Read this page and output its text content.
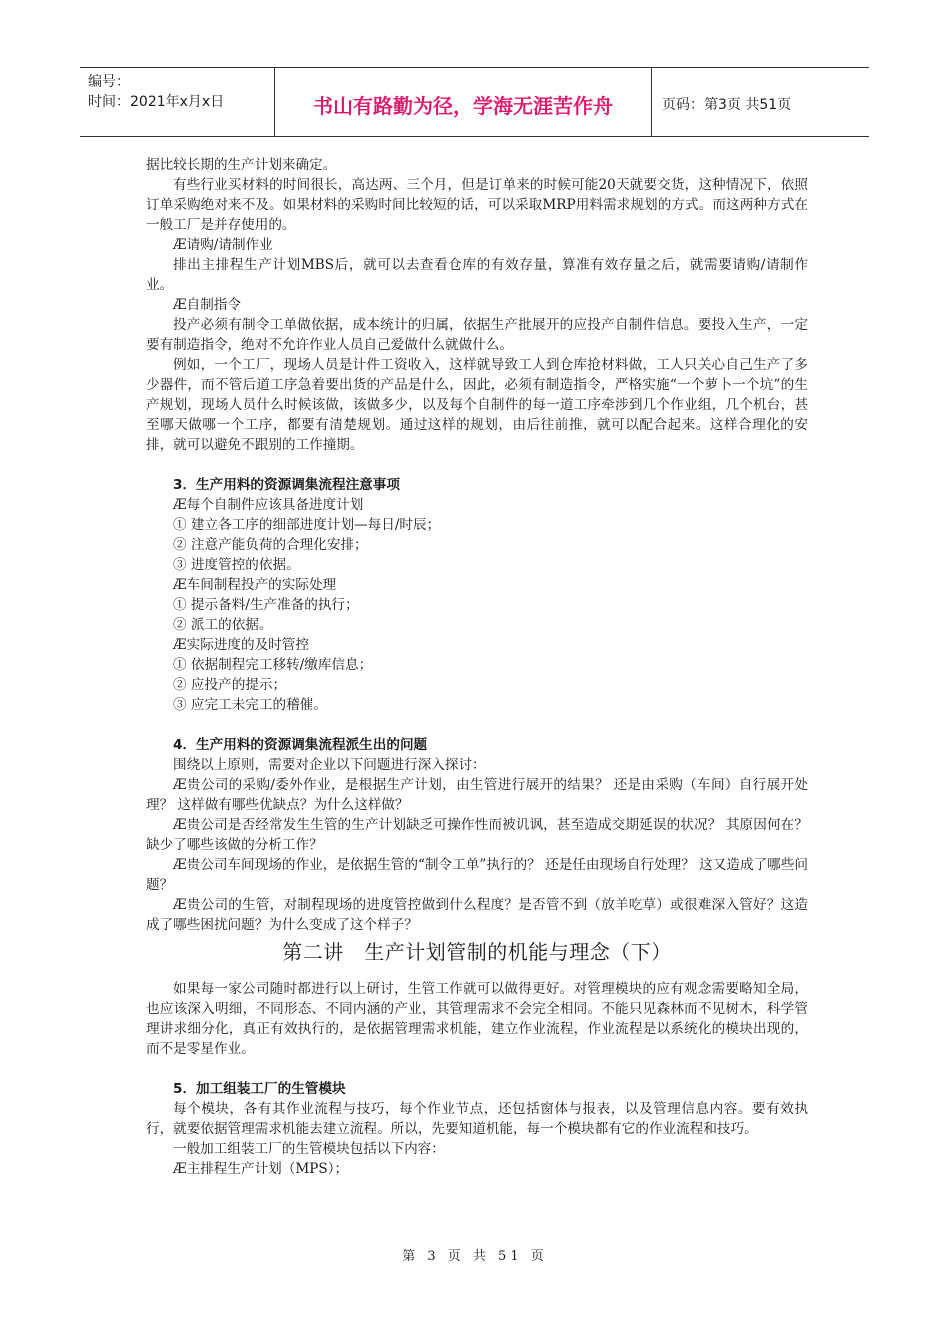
编号：
时间：2021年x月x日	书山有路勤为径，学海无涯苦作舟	页码：第3页 共51页

据比较长期的生产计划来确定。

有些行业买材料的时间很长，高达两、三个月，但是订单来的时候可能20天就要交货，这种情况下，依照订单采购绝对来不及。如果材料的采购时间比较短的话，可以采取MRP用料需求规划的方式。而这两种方式在一般工厂是并存使用的。

Æ请购/请制作业

排出主排程生产计划MBS后，就可以去查看仓库的有效存量，算准有效存量之后，就需要请购/请制作业。

Æ自制指令

投产必须有制令工单做依据，成本统计的归属，依据生产批展开的应投产自制件信息。要投入生产，一定要有制造指令，绝对不允许作业人员自己爱做什么就做什么。

例如，一个工厂，现场人员是计件工资收入，这样就导致工人到仓库抢材料做，工人只关心自己生产了多少器件，而不管后道工序急着要出货的产品是什么，因此，必须有制造指令，严格实施“一个萝卜一个坑”的生产规划，现场人员什么时候该做，该做多少，以及每个自制件的每一道工序牵涉到几个作业组，几个机台，甚至哪天做哪一个工序，都要有清楚规划。通过这样的规划，由后往前推，就可以配合起来。这样合理化的安排，就可以避免不跟别的工作撞期。

3．生产用料的资源调集流程注意事项

Æ每个自制件应该具备进度计划

① 建立各工序的细部进度计划—每日/时辰；

② 注意产能负荷的合理化安排；

③ 进度管控的依据。

Æ车间制程投产的实际处理

① 提示备料/生产准备的执行；

② 派工的依据。

Æ实际进度的及时管控

① 依据制程完工移转/缴库信息；

② 应投产的提示；

③ 应完工未完工的稽催。

4．生产用料的资源调集流程派生出的问题

围绕以上原则，需要对企业以下问题进行深入探讨：

Æ贵公司的采购/委外作业，是根据生产计划，由生管进行展开的结果？ 还是由采购（车间）自行展开处理？ 这样做有哪些优缺点？为什么这样做？

Æ贵公司是否经常发生生管的生产计划缺乏可操作性而被讥讽，甚至造成交期延误的状况？ 其原因何在？缺少了哪些该做的分析工作？

Æ贵公司车间现场的作业，是依据生管的“制令工单”执行的？ 还是任由现场自行处理？ 这又造成了哪些问题？

Æ贵公司的生管，对制程现场的进度管控做到什么程度？是否管不到（放羊吃草）或很难深入管好？这造成了哪些困扰问题？为什么变成了这个样子？

第二讲　生产计划管制的机能与理念（下）

如果每一家公司随时都进行以上研讨，生管工作就可以做得更好。对管理模块的应有观念需要略知全局，也应该深入明细，不同形态、不同内涵的产业，其管理需求不会完全相同。不能只见森林而不见树木，科学管理讲求细分化，真正有效执行的，是依据管理需求机能，建立作业流程，作业流程是以系统化的模块出现的，而不是零星作业。

5．加工组装工厂的生管模块

每个模块，各有其作业流程与技巧，每个作业节点，还包括窗体与报表，以及管理信息内容。要有效执行，就要依据管理需求机能去建立流程。所以，先要知道机能，每一个模块都有它的作业流程和技巧。

一般加工组装工厂的生管模块包括以下内容：

Æ主排程生产计划（MPS）；

第 3 页 共 51 页
